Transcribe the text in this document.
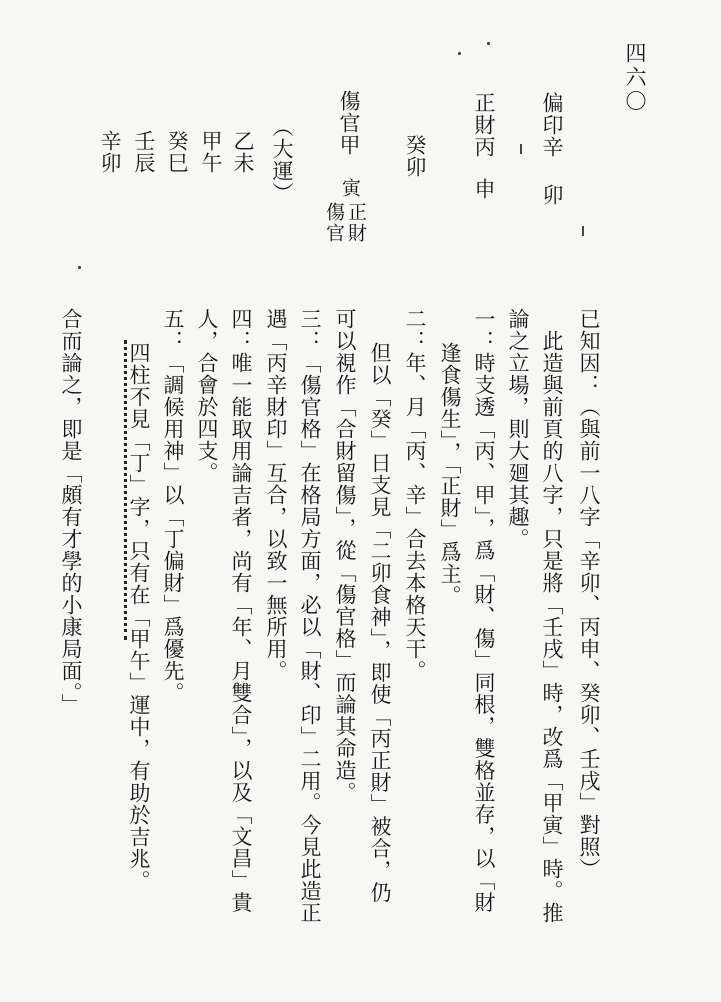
四六〇
偏印辛
卯
正財丙
申
癸卯
傷官甲
寅
正財
傷官
（大運）
乙未
甲午
癸巳
壬辰
辛卯
已知因：（與前一八字「辛卯、丙申、癸卯、壬戌」對照）
此造與前頁的八字，只是將「壬戌」時，改爲「甲寅」時。推
論之立場，則大廻其趣。
一：時支透「丙、甲」，爲「財、傷」同根，雙格並存，以「財
逢食傷生」，「正財」爲主。
二：年、月「丙、辛」合去本格天干。
但以「癸」日支見「二卯食神」，即使「丙正財」被合，仍
可以視作「合財留傷」，從「傷官格」而論其命造。
三：「傷官格」在格局方面，必以「財、印」二用。今見此造正
遇「丙辛財印」互合，以致一無所用。
四：唯一能取用論吉者，尚有「年、月雙合」，以及「文昌」貴
人，合會於四支。
五：「調候用神」以「丁偏財」爲優先。
四柱不見「丁」字，只有在「甲午」運中，有助於吉兆。
合而論之，即是「頗有才學的小康局面。」
